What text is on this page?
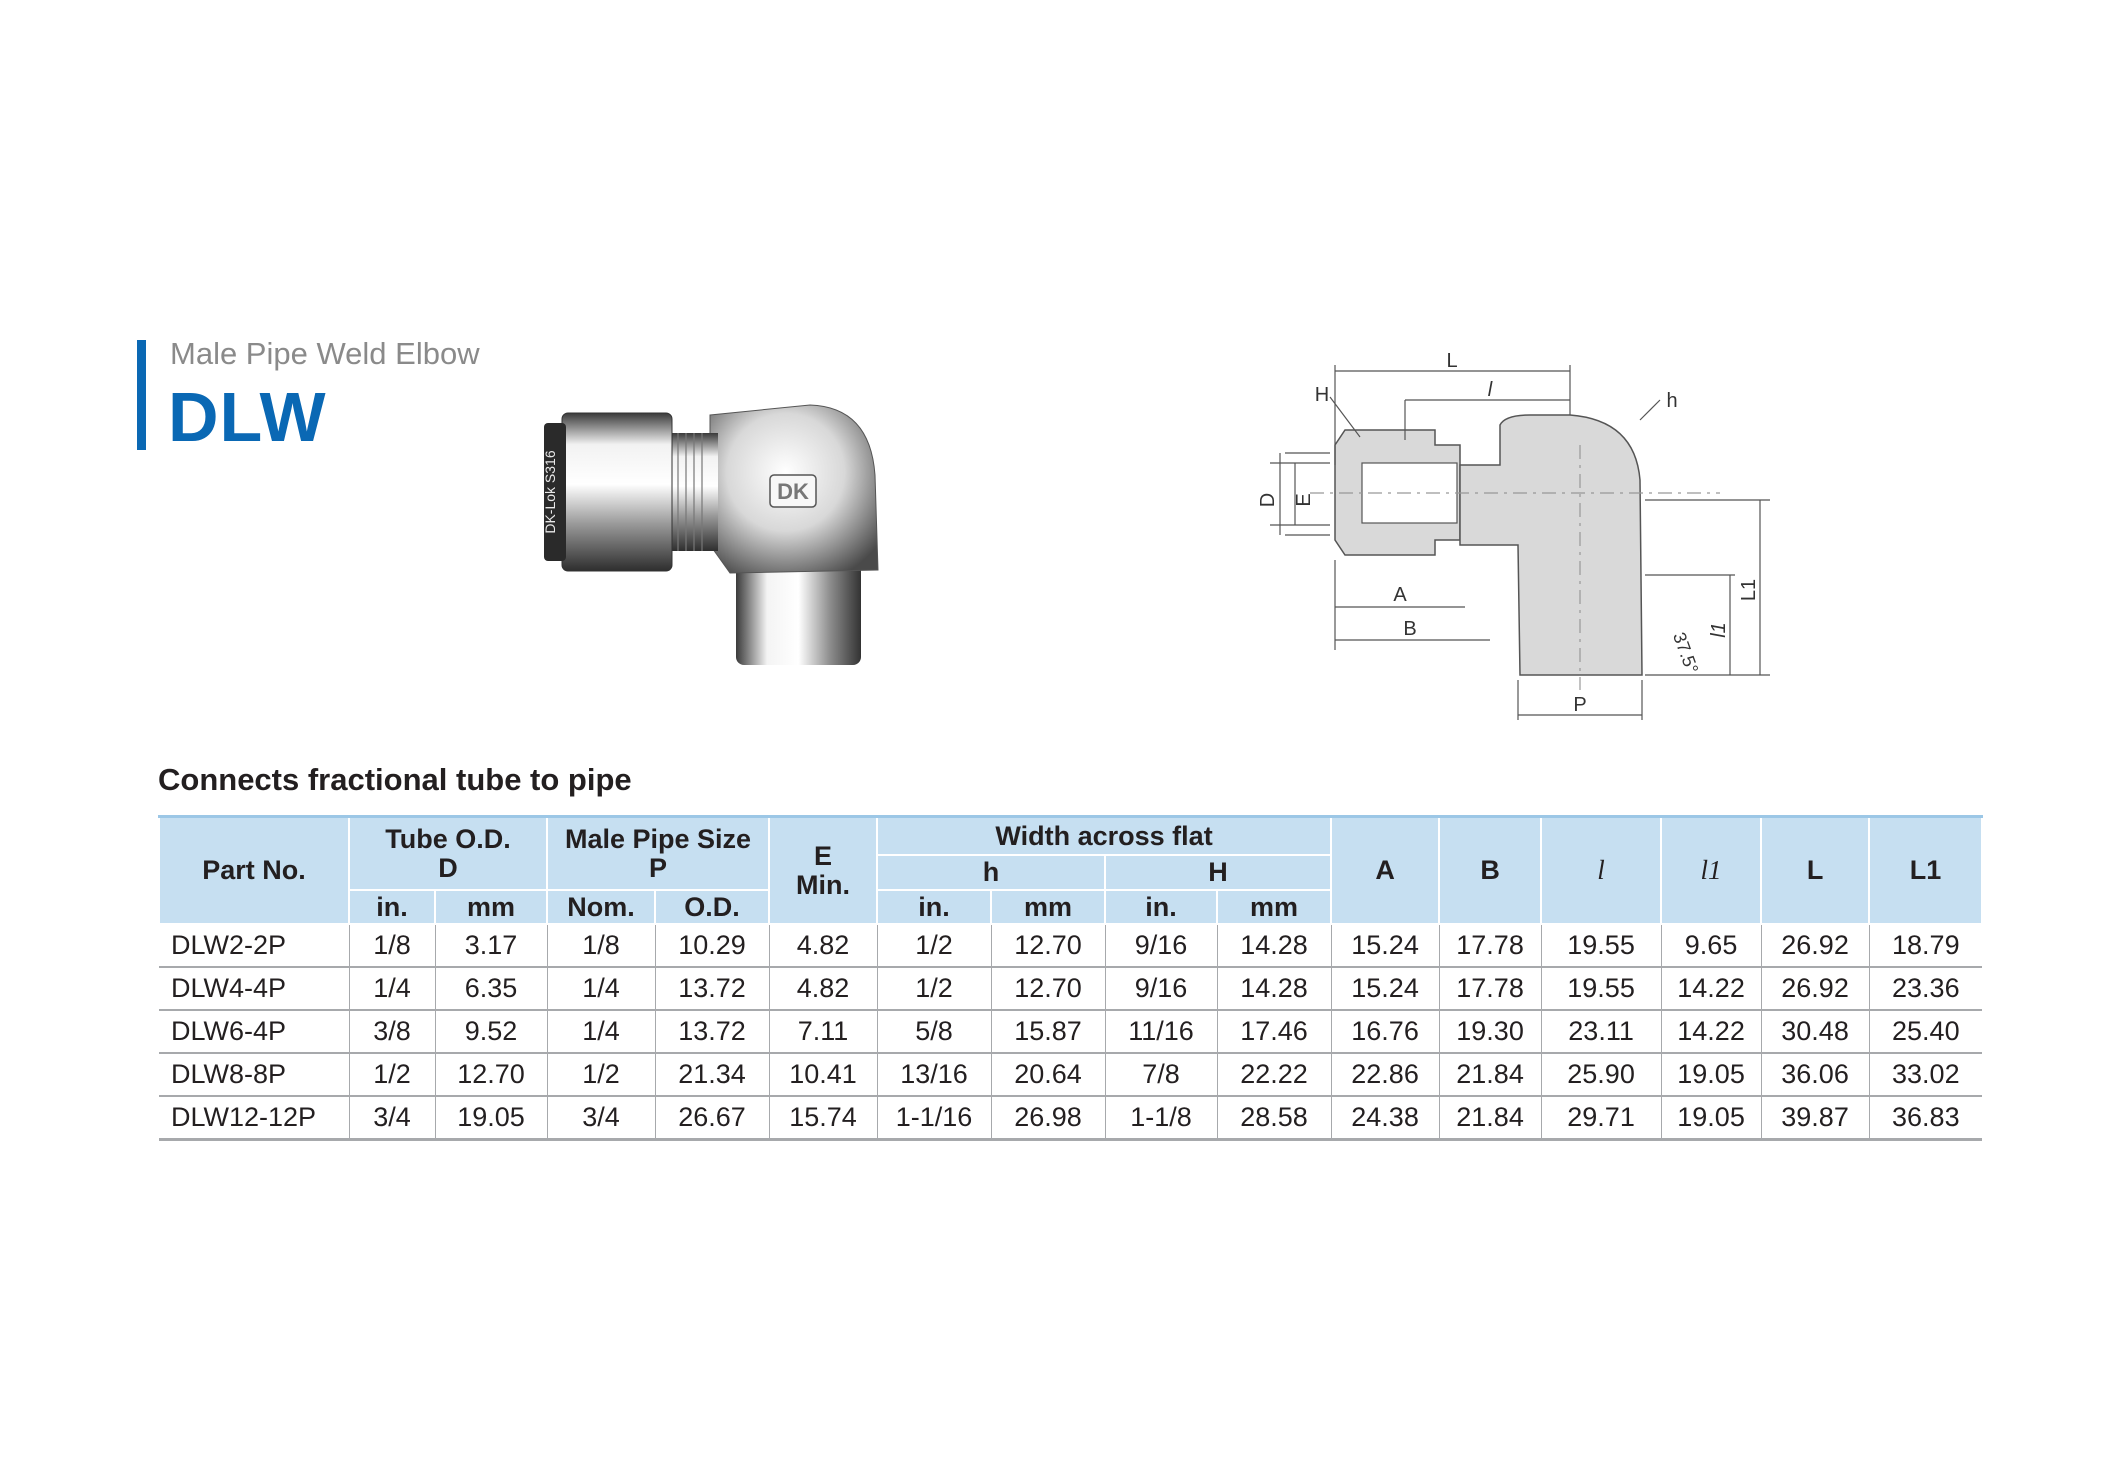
Male Pipe Weld Elbow
DLW
DK
DK-Lok S316
L
l
H	h
D E
A
B
P
L1
l1
37.5°
Connects fractional tube to pipe
Part No.	Tube O.D.
D		Male Pipe Size
P		E
Min.	Width across flat				A	B	l	l1	L	L1
						h		H							
	in.	mm	Nom.	O.D.		in.	mm	in.	mm						
DLW2-2P	1/8	3.17	1/8	10.29	4.82	1/2	12.70	9/16	14.28	15.24	17.78	19.55	9.65	26.92	18.79
DLW4-4P	1/4	6.35	1/4	13.72	4.82	1/2	12.70	9/16	14.28	15.24	17.78	19.55	14.22	26.92	23.36
DLW6-4P	3/8	9.52	1/4	13.72	7.11	5/8	15.87	11/16	17.46	16.76	19.30	23.11	14.22	30.48	25.40
DLW8-8P	1/2	12.70	1/2	21.34	10.41	13/16	20.64	7/8	22.22	22.86	21.84	25.90	19.05	36.06	33.02
DLW12-12P	3/4	19.05	3/4	26.67	15.74	1-1/16	26.98	1-1/8	28.58	24.38	21.84	29.71	19.05	39.87	36.83
